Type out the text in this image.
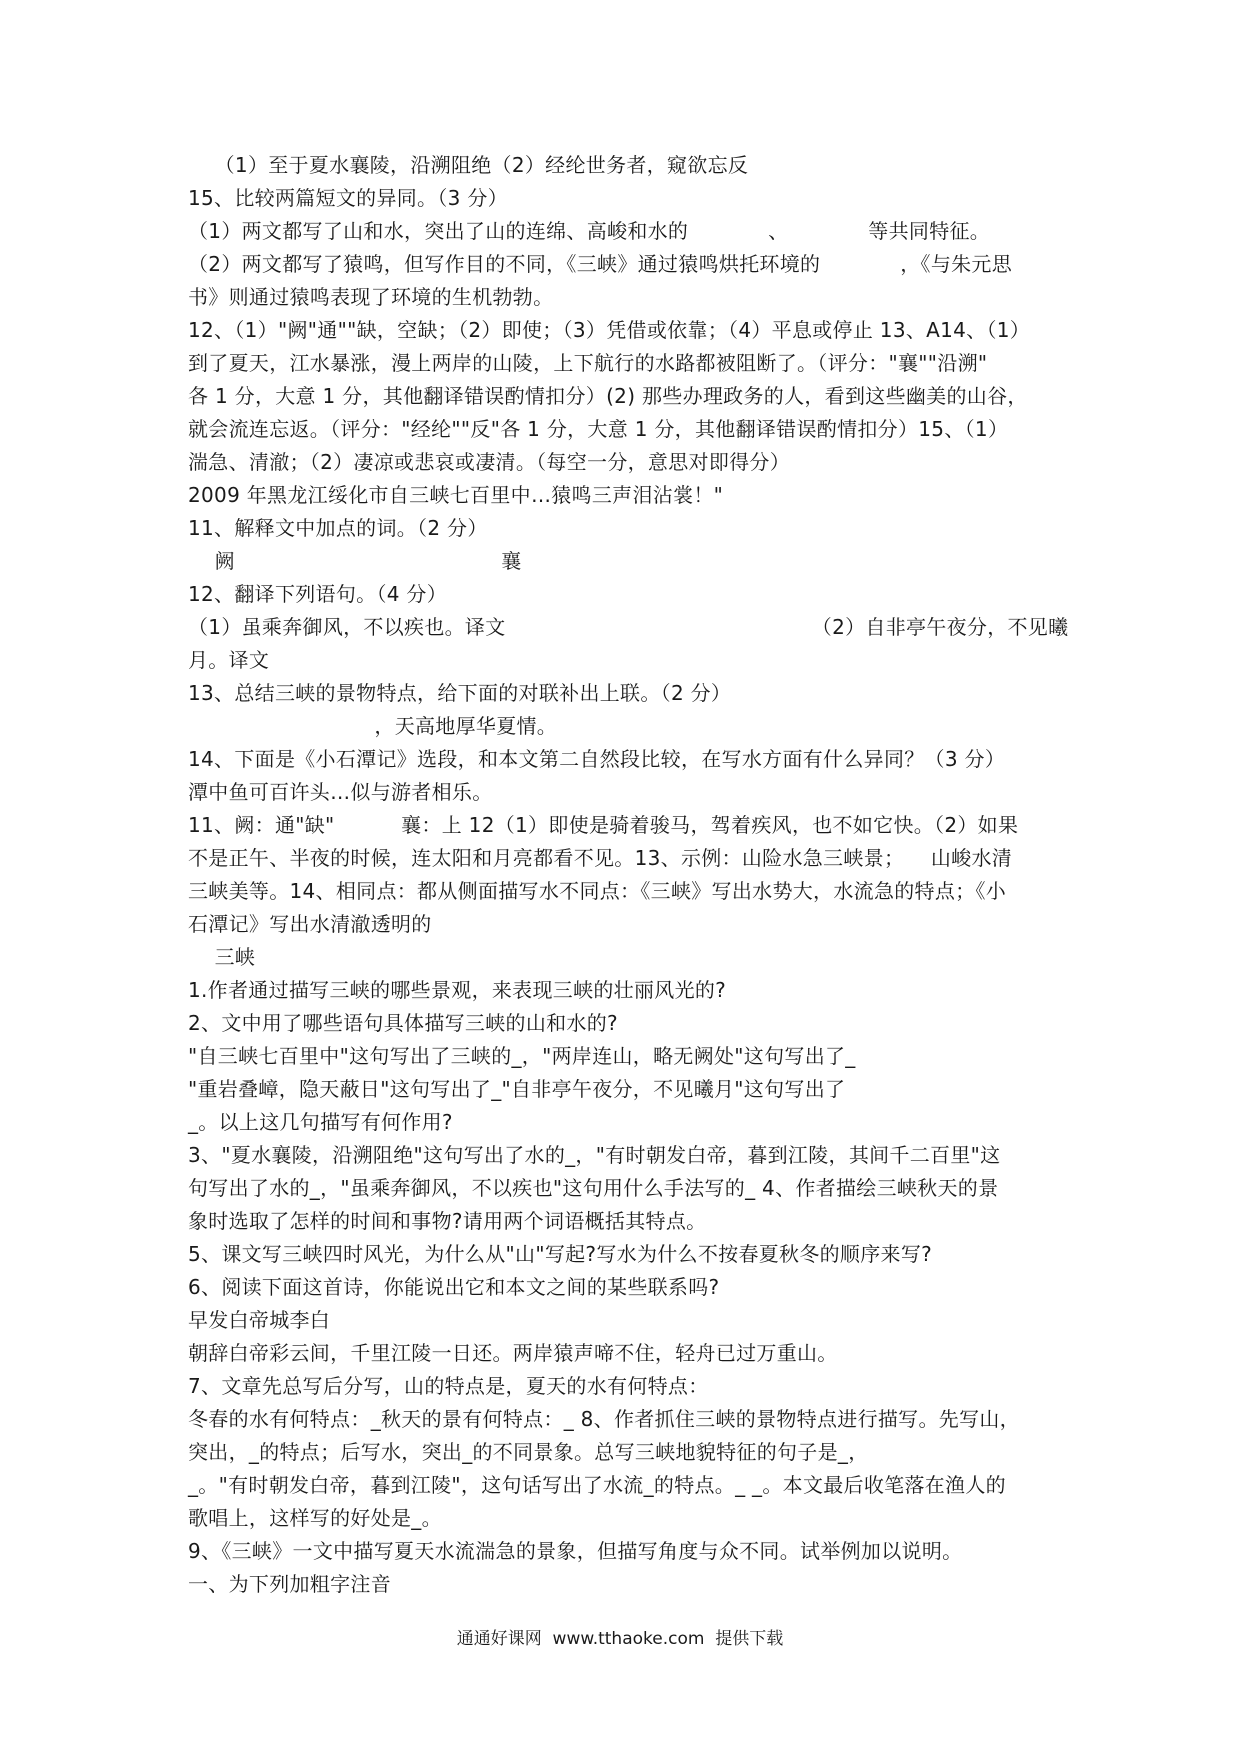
（1）至于夏水襄陵，沿溯阻绝（2）经纶世务者，窥欲忘反
15、比较两篇短文的异同。（3 分）
（1）两文都写了山和水，突出了山的连绵、高峻和水的            、            等共同特征。
（2）两文都写了猿鸣，但写作目的不同，《三峡》通过猿鸣烘托环境的            ，《与朱元思
书》则通过猿鸣表现了环境的生机勃勃。
12、（1）"阙"通""缺，空缺；（2）即使；（3）凭借或依靠；（4）平息或停止 13、A14、（1）
到了夏天，江水暴涨，漫上两岸的山陵，上下航行的水路都被阻断了。（评分："襄""沿溯"
各 1 分，大意 1 分，其他翻译错误酌情扣分）(2) 那些办理政务的人，看到这些幽美的山谷，
就会流连忘返。（评分："经纶""反"各 1 分，大意 1 分，其他翻译错误酌情扣分）15、（1）
湍急、清澈；（2）凄凉或悲哀或凄清。（每空一分，意思对即得分）
2009 年黑龙江绥化市自三峡七百里中…猿鸣三声泪沾裳！"
11、解释文中加点的词。（2 分）
阙                                        襄
12、翻译下列语句。（4 分）
（1）虽乘奔御风，不以疾也。译文                                              （2）自非亭午夜分，不见曦
月。译文
13、总结三峡的景物特点，给下面的对联补出上联。（2 分）
，天高地厚华夏情。
14、下面是《小石潭记》选段，和本文第二自然段比较，在写水方面有什么异同？（3 分）
潭中鱼可百许头…似与游者相乐。
11、阙：通"缺"          襄：上 12（1）即使是骑着骏马，驾着疾风，也不如它快。（2）如果
不是正午、半夜的时候，连太阳和月亮都看不见。13、示例：山险水急三峡景；    山峻水清
三峡美等。14、相同点：都从侧面描写水不同点：《三峡》写出水势大，水流急的特点；《小
石潭记》写出水清澈透明的
三峡
1.作者通过描写三峡的哪些景观，来表现三峡的壮丽风光的?
2、文中用了哪些语句具体描写三峡的山和水的?
"自三峡七百里中"这句写出了三峡的_，"两岸连山，略无阙处"这句写出了_
"重岩叠嶂，隐天蔽日"这句写出了_"自非亭午夜分，不见曦月"这句写出了
_。以上这几句描写有何作用?
3、"夏水襄陵，沿溯阻绝"这句写出了水的_，"有时朝发白帝，暮到江陵，其间千二百里"这
句写出了水的_，"虽乘奔御风，不以疾也"这句用什么手法写的_ 4、作者描绘三峡秋天的景
象时选取了怎样的时间和事物?请用两个词语概括其特点。
5、课文写三峡四时风光，为什么从"山"写起?写水为什么不按春夏秋冬的顺序来写?
6、阅读下面这首诗，你能说出它和本文之间的某些联系吗?
早发白帝城李白
朝辞白帝彩云间，千里江陵一日还。两岸猿声啼不住，轻舟已过万重山。
7、文章先总写后分写，山的特点是，夏天的水有何特点：
冬春的水有何特点：_秋天的景有何特点：_ 8、作者抓住三峡的景物特点进行描写。先写山，
突出，_的特点；后写水，突出_的不同景象。总写三峡地貌特征的句子是_，
_。"有时朝发白帝，暮到江陵"，这句话写出了水流_的特点。_ _。本文最后收笔落在渔人的
歌唱上，这样写的好处是_。
9、《三峡》一文中描写夏天水流湍急的景象，但描写角度与众不同。试举例加以说明。
一、为下列加粗字注音
通通好课网  www.tthaoke.com  提供下载
